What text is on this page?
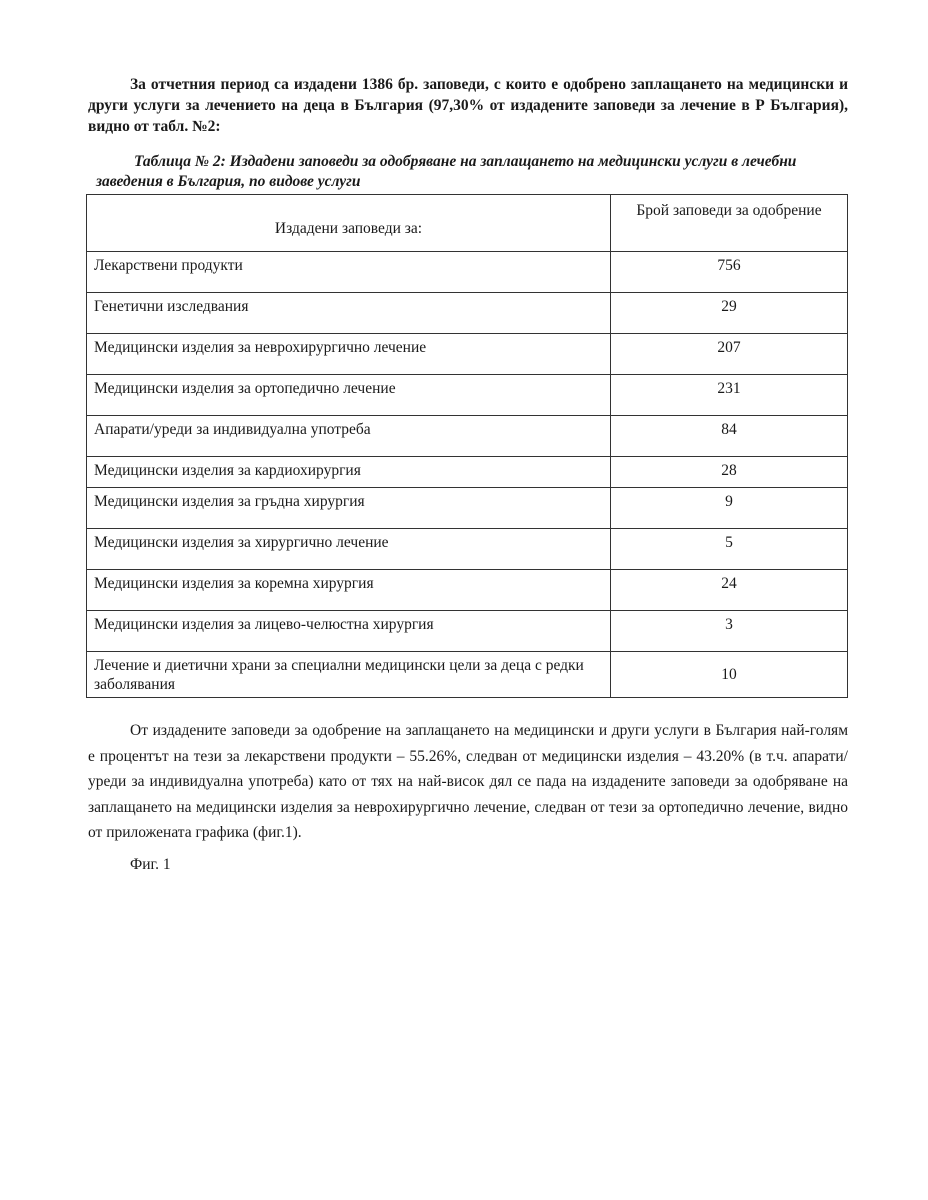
За отчетния период са издадени 1386 бр. заповеди, с които е одобрено заплащането на медицински и други услуги за лечението на деца в България (97,30% от издадените заповеди за лечение в Р България), видно от табл. №2:

Таблица № 2: Издадени заповеди за одобряване на заплащането на медицински услуги в лечебни заведения в България, по видове услуги

Издадени заповеди за:	Брой заповеди за одобрение
Лекарствени продукти	756
Генетични изследвания	29
Медицински изделия за неврохирургично лечение	207
Медицински изделия за ортопедично лечение	231
Апарати/уреди за индивидуална употреба	84
Медицински изделия за кардиохирургия	28
Медицински изделия за гръдна хирургия	9
Медицински изделия за хирургично лечение	5
Медицински изделия за коремна хирургия	24
Медицински изделия за лицево-челюстна хирургия	3
Лечение и диетични храни за специални медицински цели за деца с редки заболявания	10

От издадените заповеди за одобрение на заплащането на медицински и други услуги в България най-голям е процентът на тези за лекарствени продукти – 55.26%, следван от медицински изделия – 43.20% (в т.ч. апарати/уреди за индивидуална употреба) като от тях на най-висок дял се пада на издадените заповеди за одобряване на заплащането на медицински изделия за неврохирургично лечение, следван от тези за ортопедично лечение, видно от приложената графика (фиг.1).

Фиг. 1
